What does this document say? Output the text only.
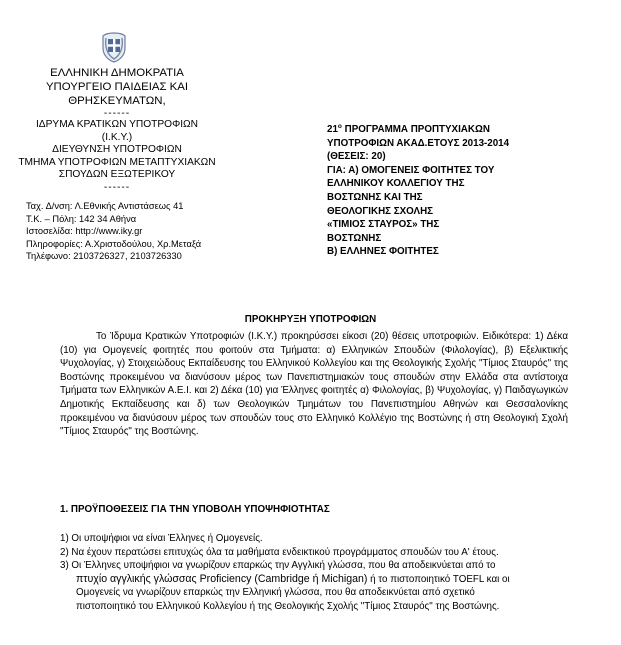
ΕΛΛΗΝΙΚΗ ΔΗΜΟΚΡΑΤΙΑ
ΥΠΟΥΡΓΕΙΟ ΠΑΙΔΕΙΑΣ ΚΑΙ
ΘΡΗΣΚΕΥΜΑΤΩΝ,
------
ΙΔΡΥΜΑ ΚΡΑΤΙΚΩΝ ΥΠΟΤΡΟΦΙΩΝ
(Ι.Κ.Υ.)
ΔΙΕΥΘΥΝΣΗ ΥΠΟΤΡΟΦΙΩΝ
ΤΜΗΜΑ ΥΠΟΤΡΟΦΙΩΝ ΜΕΤΑΠΤΥΧΙΑΚΩΝ
ΣΠΟΥΔΩΝ ΕΞΩΤΕΡΙΚΟΥ
------
Ταχ. Δ/νση: Λ.Εθνικής Αντιστάσεως 41
Τ.Κ. – Πόλη: 142 34 Αθήνα
Ιστοσελίδα: http://www.iky.gr
Πληροφορίες: Α.Χριστοδούλου, Χρ.Μεταξά
Τηλέφωνο: 2103726327, 2103726330
$21^o$ ΠΡΟΓΡΑΜΜΑ ΠΡΟΠΤΥΧΙΑΚΩΝ
ΥΠΟΤΡΟΦΙΩΝ ΑΚΑΔ.ΕΤΟΥΣ 2013-2014
(ΘΕΣΕΙΣ: 20)
ΓΙΑ: Α) ΟΜΟΓΕΝΕΙΣ ΦΟΙΤΗΤΕΣ ΤΟΥ
ΕΛΛΗΝΙΚΟΥ ΚΟΛΛΕΓΙΟΥ ΤΗΣ
ΒΟΣΤΩΝΗΣ ΚΑΙ ΤΗΣ
ΘΕΟΛΟΓΙΚΗΣ ΣΧΟΛΗΣ
«ΤΙΜΙΟΣ ΣΤΑΥΡΟΣ» ΤΗΣ
ΒΟΣΤΩΝΗΣ
Β) ΕΛΛΗΝΕΣ ΦΟΙΤΗΤΕΣ
ΠΡΟΚΗΡΥΞΗ ΥΠΟΤΡΟΦΙΩΝ

Το Ίδρυμα Κρατικών Υποτροφιών (Ι.Κ.Υ.) προκηρύσσει είκοσι (20) θέσεις υποτροφιών. Ειδικότερα: 1) Δέκα (10) για Ομογενείς φοιτητές που φοιτούν στα Τμήματα: α) Ελληνικών Σπουδών (Φιλολογίας), β) Εξελικτικής Ψυχολογίας, γ) Στοιχειώδους Εκπαίδευσης του Ελληνικού Κολλεγίου και της Θεολογικής Σχολής "Τίμιος Σταυρός" της Βοστώνης προκειμένου να διανύσουν μέρος των Πανεπιστημιακών τους σπουδών στην Ελλάδα στα αντίστοιχα Τμήματα των Ελληνικών Α.Ε.Ι. και 2) Δέκα (10) για Έλληνες φοιτητές α) Φιλολογίας, β) Ψυχολογίας, γ) Παιδαγωγικών Δημοτικής Εκπαίδευσης και δ) των Θεολογικών Τμημάτων του Πανεπιστημίου Αθηνών και Θεσσαλονίκης προκειμένου να διανύσουν μέρος των σπουδών τους στο Ελληνικό Κολλέγιο της Βοστώνης ή στη Θεολογική Σχολή "Τίμιος Σταυρός" της Βοστώνης.

1. ΠΡΟΫΠΟΘΕΣΕΙΣ ΓΙΑ ΤΗΝ ΥΠΟΒΟΛΗ ΥΠΟΨΗΦΙΟΤΗΤΑΣ
1) Οι υποψήφιοι να είναι Έλληνες ή Ομογενείς.
2) Να έχουν περατώσει επιτυχώς όλα τα μαθήματα ενδεικτικού προγράμματος σπουδών του Α' έτους.
3) Οι Έλληνες υποψήφιοι να γνωρίζουν επαρκώς την Αγγλική γλώσσα, που θα αποδεικνύεται από το
πτυχίο αγγλικής γλώσσας Proficiency (Cambridge ή Michigan) ή το πιστοποιητικό TOEFL και οι
Ομογενείς να γνωρίζουν επαρκώς την Ελληνική γλώσσα, που θα αποδεικνύεται από σχετικό
πιστοποιητικό του Ελληνικού Κολλεγίου ή της Θεολογικής Σχολής "Τίμιος Σταυρός" της Βοστώνης.
